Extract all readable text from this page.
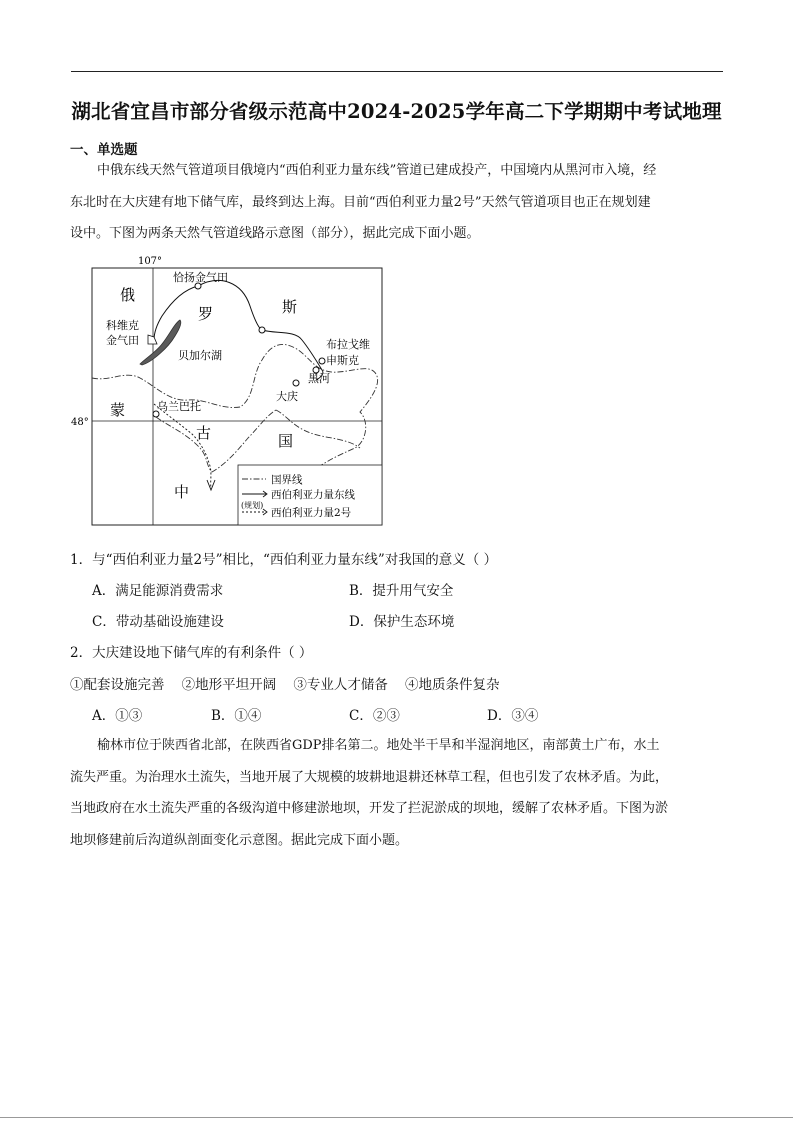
湖北省宜昌市部分省级示范高中2024-2025学年高二下学期期中考试地理
一、单选题
中俄东线天然气管道项目俄境内“西伯利亚力量东线”管道已建成投产，中国境内从黑河市入境，经
东北时在大庆建有地下储气库，最终到达上海。目前“西伯利亚力量2号”天然气管道项目也正在规划建
设中。下图为两条天然气管道线路示意图（部分），据此完成下面小题。
107°
48°
恰扬金气田
科维克
金气田
贝加尔湖
布拉戈维
申斯克
黑河
大庆
乌兰巴托
俄
罗	斯
蒙
古	国
中
国界线
西伯利亚力量东线
(规划)
西伯利亚力量2号
1．与“西伯利亚力量2号”相比，“西伯利亚力量东线”对我国的意义（ ）
A．满足能源消费需求	B．提升用气安全
C．带动基础设施建设	D．保护生态环境
2．大庆建设地下储气库的有利条件（ ）
①配套设施完善    ②地形平坦开阔    ③专业人才储备    ④地质条件复杂
A．①③	B．①④	C．②③	D．③④
榆林市位于陕西省北部，在陕西省GDP排名第二。地处半干旱和半湿润地区，南部黄土广布，水土
流失严重。为治理水土流失，当地开展了大规模的坡耕地退耕还林草工程，但也引发了农林矛盾。为此，
当地政府在水土流失严重的各级沟道中修建淤地坝，开发了拦泥淤成的坝地，缓解了农林矛盾。下图为淤
地坝修建前后沟道纵剖面变化示意图。据此完成下面小题。
